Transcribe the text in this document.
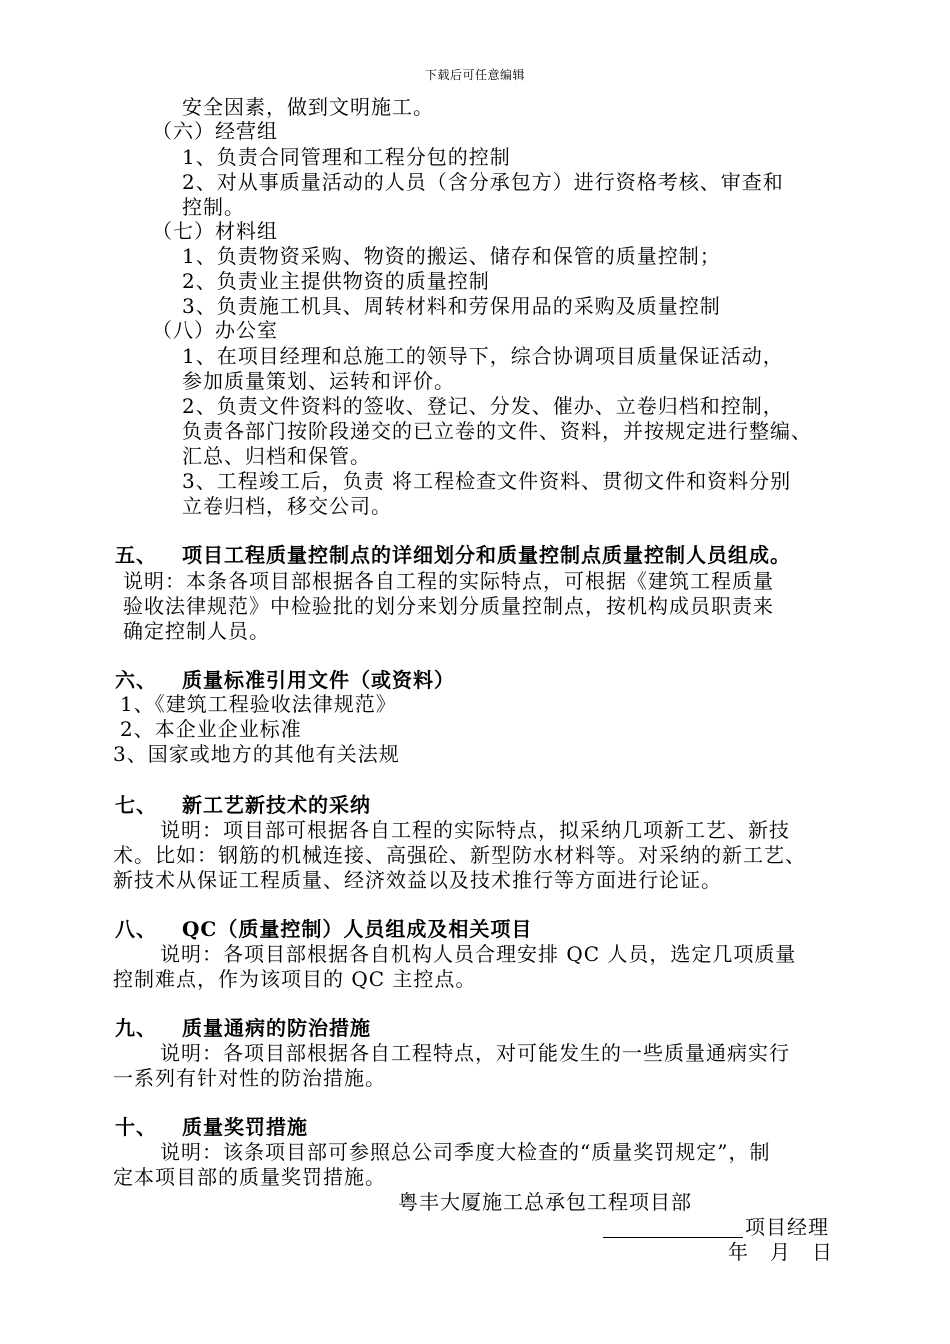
下载后可任意编辑
安全因素，做到文明施工。
（六）经营组
1、负责合同管理和工程分包的控制
2、对从事质量活动的人员（含分承包方）进行资格考核、审查和
控制。
（七）材料组
1、负责物资采购、物资的搬运、储存和保管的质量控制；
2、负责业主提供物资的质量控制
3、负责施工机具、周转材料和劳保用品的采购及质量控制
（八）办公室
1、在项目经理和总施工的领导下，综合协调项目质量保证活动，
参加质量策划、运转和评价。
2、负责文件资料的签收、登记、分发、催办、立卷归档和控制，
负责各部门按阶段递交的已立卷的文件、资料，并按规定进行整编、
汇总、归档和保管。
3、工程竣工后，负责 将工程检查文件资料、贯彻文件和资料分别
立卷归档，移交公司。
五、 项目工程质量控制点的详细划分和质量控制点质量控制人员组成。
说明：本条各项目部根据各自工程的实际特点，可根据《建筑工程质量
验收法律规范》中检验批的划分来划分质量控制点，按机构成员职责来
确定控制人员。
六、 质量标准引用文件（或资料）
1、《建筑工程验收法律规范》
2、本企业企业标准
3、国家或地方的其他有关法规
七、 新工艺新技术的采纳
说明：项目部可根据各自工程的实际特点，拟采纳几项新工艺、新技
术。比如：钢筋的机械连接、高强砼、新型防水材料等。对采纳的新工艺、
新技术从保证工程质量、经济效益以及技术推行等方面进行论证。
八、 QC（质量控制）人员组成及相关项目
说明：各项目部根据各自机构人员合理安排 QC 人员，选定几项质量
控制难点，作为该项目的 QC 主控点。
九、 质量通病的防治措施
说明：各项目部根据各自工程特点，对可能发生的一些质量通病实行
一系列有针对性的防治措施。
十、 质量奖罚措施
说明：该条项目部可参照总公司季度大检查的“质量奖罚规定”，制
定本项目部的质量奖罚措施。
粤丰大厦施工总承包工程项目部
项目经理
年　月　日
